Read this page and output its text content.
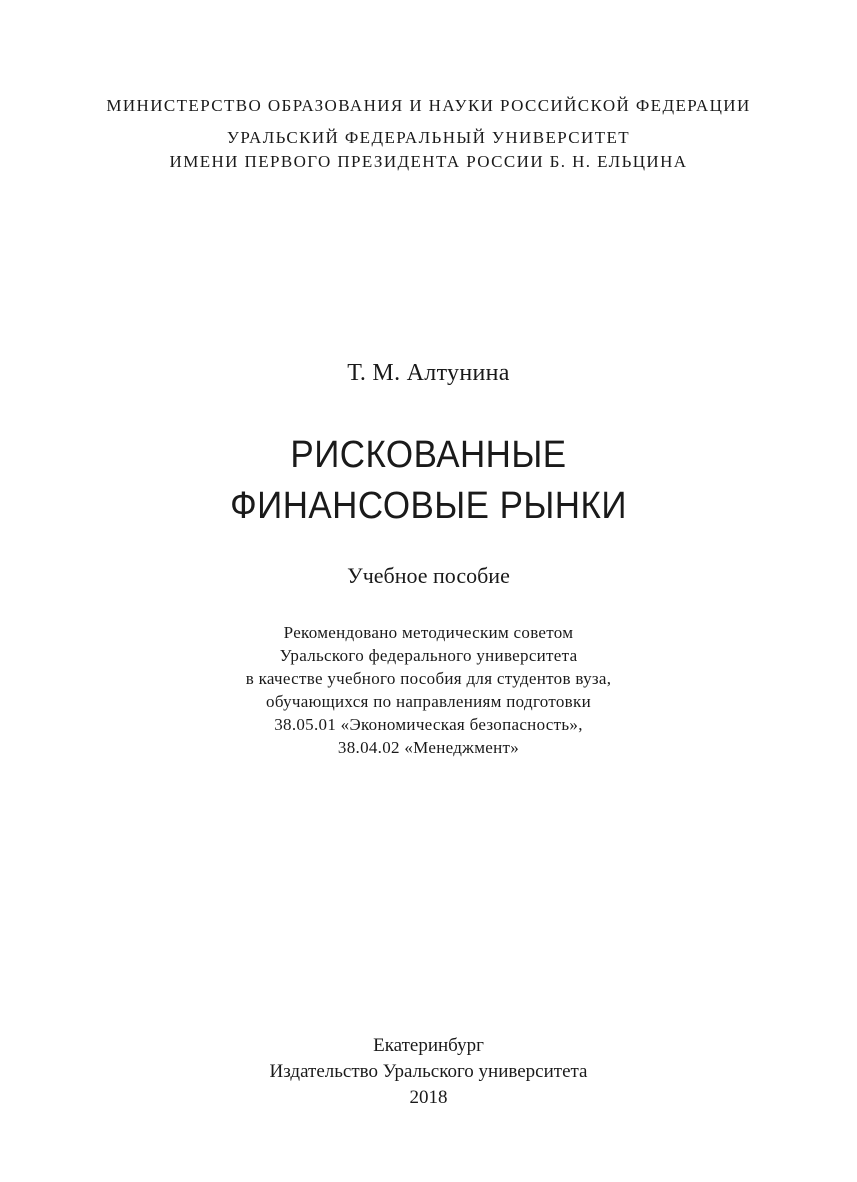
МИНИСТЕРСТВО ОБРАЗОВАНИЯ И НАУКИ РОССИЙСКОЙ ФЕДЕРАЦИИ
УРАЛЬСКИЙ ФЕДЕРАЛЬНЫЙ УНИВЕРСИТЕТ
ИМЕНИ ПЕРВОГО ПРЕЗИДЕНТА РОССИИ Б. Н. ЕЛЬЦИНА
Т. М. Алтунина
РИСКОВАННЫЕ
ФИНАНСОВЫЕ РЫНКИ
Учебное пособие
Рекомендовано методическим советом
Уральского федерального университета
в качестве учебного пособия для студентов вуза,
обучающихся по направлениям подготовки
38.05.01 «Экономическая безопасность»,
38.04.02 «Менеджмент»
Екатеринбург
Издательство Уральского университета
2018
